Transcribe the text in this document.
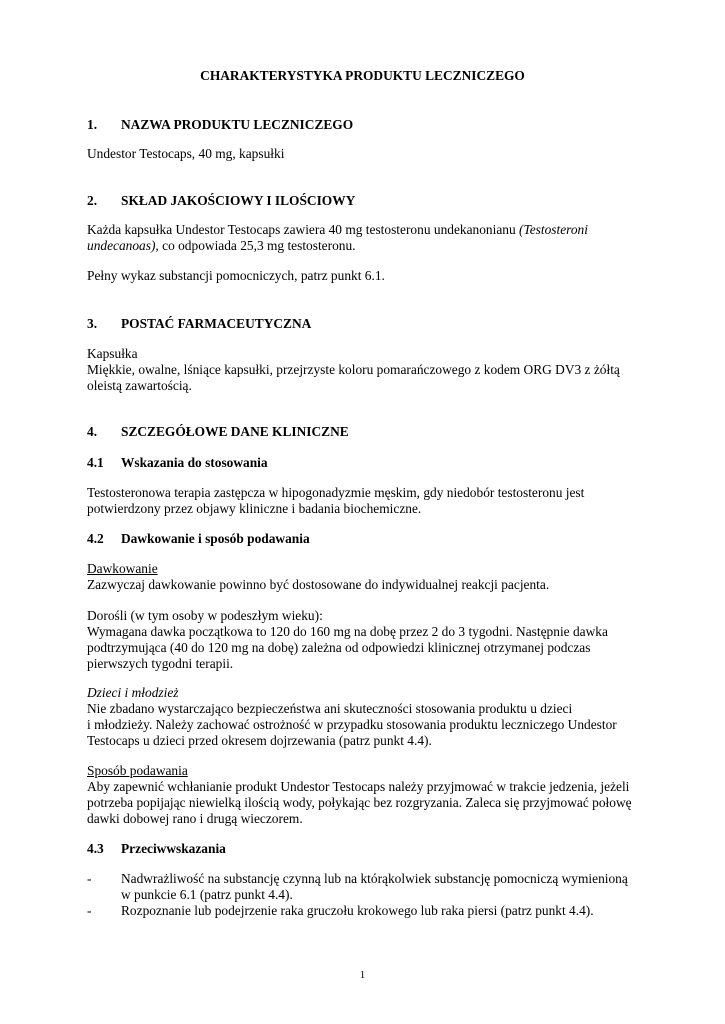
CHARAKTERYSTYKA PRODUKTU LECZNICZEGO
1. NAZWA PRODUKTU LECZNICZEGO
Undestor Testocaps, 40 mg, kapsułki
2. SKŁAD JAKOŚCIOWY I ILOŚCIOWY
Każda kapsułka Undestor Testocaps zawiera 40 mg testosteronu undekanonianu (Testosteroni
undecanoas), co odpowiada 25,3 mg testosteronu.
Pełny wykaz substancji pomocniczych, patrz punkt 6.1.
3. POSTAĆ FARMACEUTYCZNA
Kapsułka
Miękkie, owalne, lśniące kapsułki, przejrzyste koloru pomarańczowego z kodem ORG DV3 z żółtą
oleistą zawartością.
4. SZCZEGÓŁOWE DANE KLINICZNE
4.1 Wskazania do stosowania
Testosteronowa terapia zastępcza w hipogonadyzmie męskim, gdy niedobór testosteronu jest
potwierdzony przez objawy kliniczne i badania biochemiczne.
4.2 Dawkowanie i sposób podawania
Dawkowanie
Zazwyczaj dawkowanie powinno być dostosowane do indywidualnej reakcji pacjenta.
Dorośli (w tym osoby w podeszłym wieku):
Wymagana dawka początkowa to 120 do 160 mg na dobę przez 2 do 3 tygodni. Następnie dawka
podtrzymująca (40 do 120 mg na dobę) zależna od odpowiedzi klinicznej otrzymanej podczas
pierwszych tygodni terapii.
Dzieci i młodzież
Nie zbadano wystarczająco bezpieczeństwa ani skuteczności stosowania produktu u dzieci
i młodzieży. Należy zachować ostrożność w przypadku stosowania produktu leczniczego Undestor
Testocaps u dzieci przed okresem dojrzewania (patrz punkt 4.4).
Sposób podawania
Aby zapewnić wchłanianie produkt Undestor Testocaps należy przyjmować w trakcie jedzenia, jeżeli
potrzeba popijając niewielką ilością wody, połykając bez rozgryzania. Zaleca się przyjmować połowę
dawki dobowej rano i drugą wieczorem.
4.3 Przeciwwskazania
- Nadwrażliwość na substancję czynną lub na którąkolwiek substancję pomocniczą wymienioną
w punkcie 6.1 (patrz punkt 4.4).
- Rozpoznanie lub podejrzenie raka gruczołu krokowego lub raka piersi (patrz punkt 4.4).
1
